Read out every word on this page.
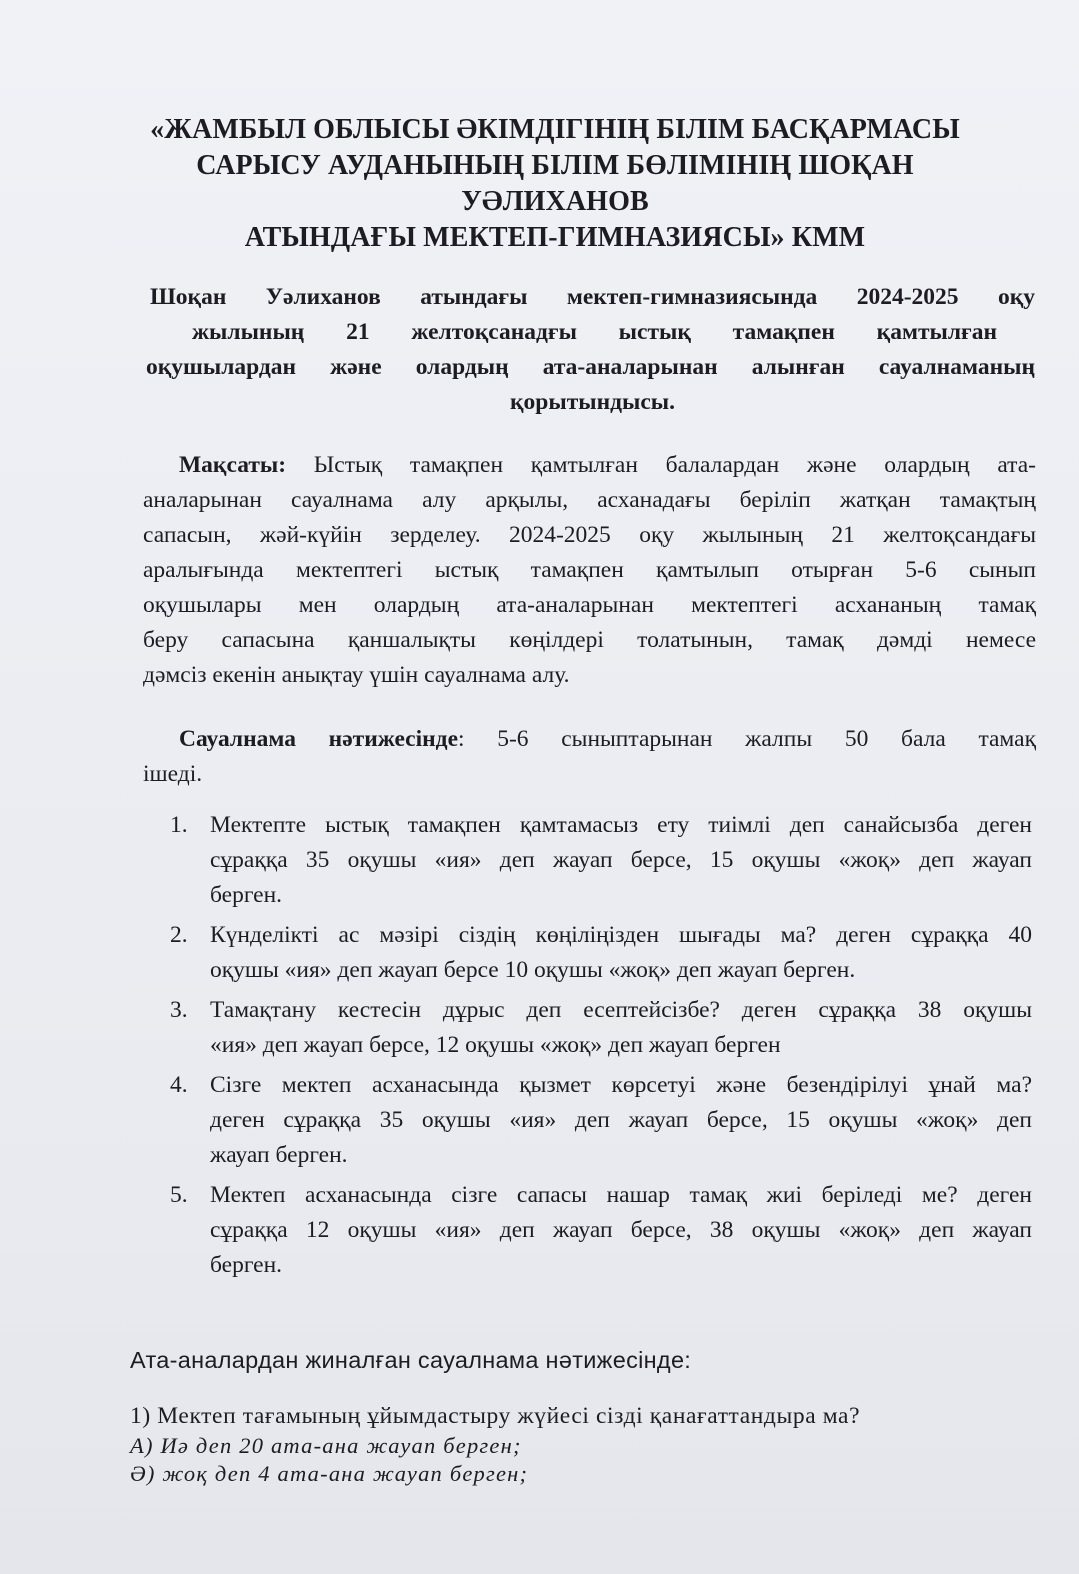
«ЖАМБЫЛ ОБЛЫСЫ ӘКІМДІГІНІҢ БІЛІМ БАСҚАРМАСЫ
САРЫСУ АУДАНЫНЫҢ БІЛІМ БӨЛІМІНІҢ ШОҚАН УӘЛИХАНОВ
АТЫНДАҒЫ МЕКТЕП-ГИМНАЗИЯСЫ» КММ
Шоқан Уәлиханов атындағы мектеп-гимназиясында 2024-2025 оқу
жылының 21 желтоқсанадғы ыстық тамақпен қамтылған
оқушылардан және олардың ата-аналарынан алынған сауалнаманың
қорытындысы.
Мақсаты: Ыстық тамақпен қамтылған балалардан және олардың ата-
аналарынан сауалнама алу арқылы, асханадағы беріліп жатқан тамақтың
сапасын, жәй-күйін зерделеу. 2024-2025 оқу жылының 21 желтоқсандағы
аралығында мектептегі ыстық тамақпен қамтылып отырған 5-6 сынып
оқушылары мен олардың ата-аналарынан мектептегі асхананың тамақ
беру сапасына қаншалықты көңілдері толатынын, тамақ дәмді немесе
дәмсіз екенін анықтау үшін сауалнама алу.
Сауалнама нәтижесінде: 5-6 сыныптарынан жалпы 50 бала тамақ
ішеді.
1. Мектепте ыстық тамақпен қамтамасыз ету тиімлі деп санайсызба деген
сұраққа 35 оқушы «ия» деп жауап берсе, 15 оқушы «жоқ» деп жауап
берген.
2. Күнделікті ас мәзірі сіздің көңіліңізден шығады ма? деген сұраққа 40
оқушы «ия» деп жауап берсе 10 оқушы «жоқ» деп жауап берген.
3. Тамақтану кестесін дұрыс деп есептейсізбе? деген сұраққа 38 оқушы
«ия» деп жауап берсе, 12 оқушы «жоқ» деп жауап берген
4. Сізге мектеп асханасында қызмет көрсетуі және безендірілуі ұнай ма?
деген сұраққа 35 оқушы «ия» деп жауап берсе, 15 оқушы «жоқ» деп
жауап берген.
5. Мектеп асханасында сізге сапасы нашар тамақ жиі беріледі ме? деген
сұраққа 12 оқушы «ия» деп жауап берсе, 38 оқушы «жоқ» деп жауап
берген.
Ата-аналардан жиналған сауалнама нәтижесінде:
1) Мектеп тағамының ұйымдастыру жүйесі сізді қанағаттандыра ма?
А) Иә деп 20 ата-ана жауап берген;
Ә) жоқ деп 4 ата-ана жауап берген;
